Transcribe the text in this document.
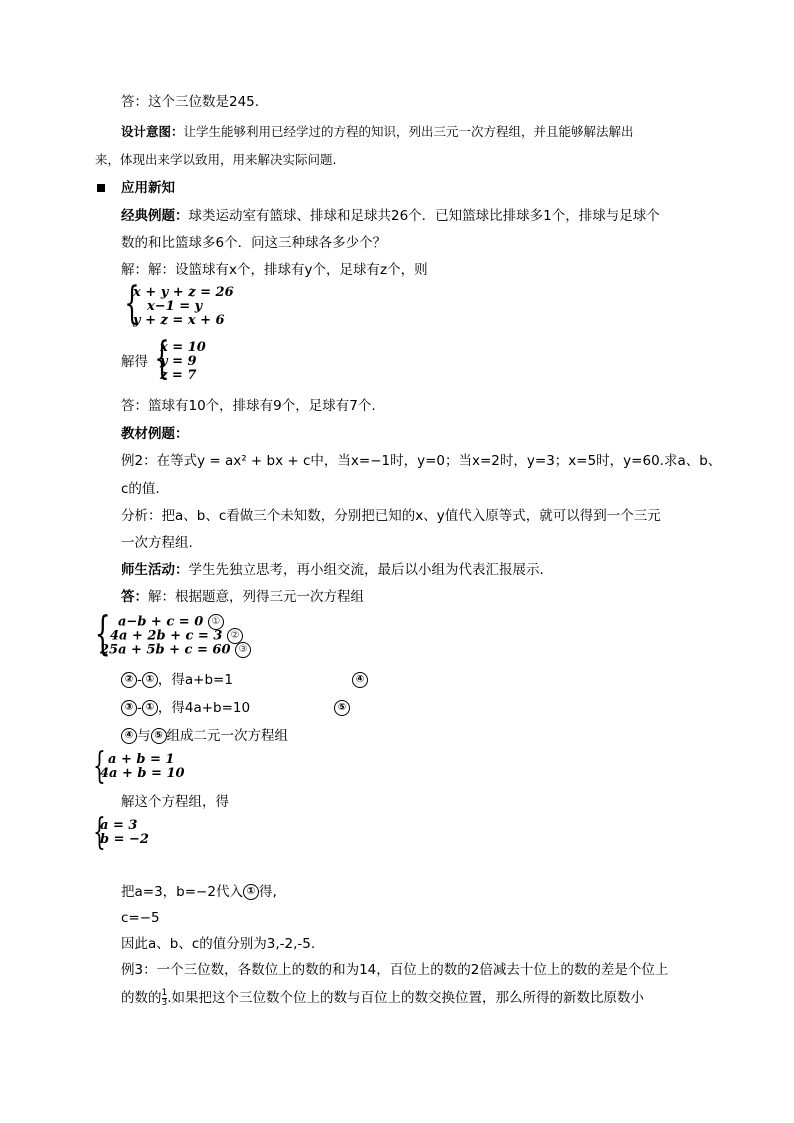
答：这个三位数是245.
设计意图：让学生能够利用已经学过的方程的知识，列出三元一次方程组，并且能够解法解出
来，体现出来学以致用，用来解决实际问题.
应用新知
经典例题：球类运动室有篮球、排球和足球共26个．已知篮球比排球多1个，排球与足球个
数的和比篮球多6个．问这三种球各多少个？
解：解：设篮球有x个，排球有y个，足球有z个，则
{
x + y + z = 26
x−1 = y
y + z = x + 6
解得 {
x = 10
y = 9
z = 7
答：篮球有10个，排球有9个，足球有7个.
教材例题：
例2：在等式y = ax² + bx + c中，当x=−1时，y=0；当x=2时，y=3；x=5时，y=60.求a、b、
c的值.
分析：把a、b、c看做三个未知数，分别把已知的x、y值代入原等式，就可以得到一个三元
一次方程组.
师生活动：学生先独立思考，再小组交流，最后以小组为代表汇报展示．
答：解：根据题意，列得三元一次方程组
{ a−b + c = 0 ①
4a + 2b + c = 3 ②
25a + 5b + c = 60 ③
② - ① ，得a+b=1	④
③ - ① ，得4a+b=10	⑤
④ 与 ⑤ 组成二元一次方程组
{ a + b = 1
4a + b = 10
解这个方程组，得
{
a = 3
b = −2
把a=3，b=−2代入 ① 得,
c=−5
因此a、b、c的值分别为3,-2,-5.
例3：一个三位数，各数位上的数的和为14，百位上的数的2倍减去十位上的数的差是个位上
的数的 $\frac{1}{3}$ .如果把这个三位数个位上的数与百位上的数交换位置，那么所得的新数比原数小
